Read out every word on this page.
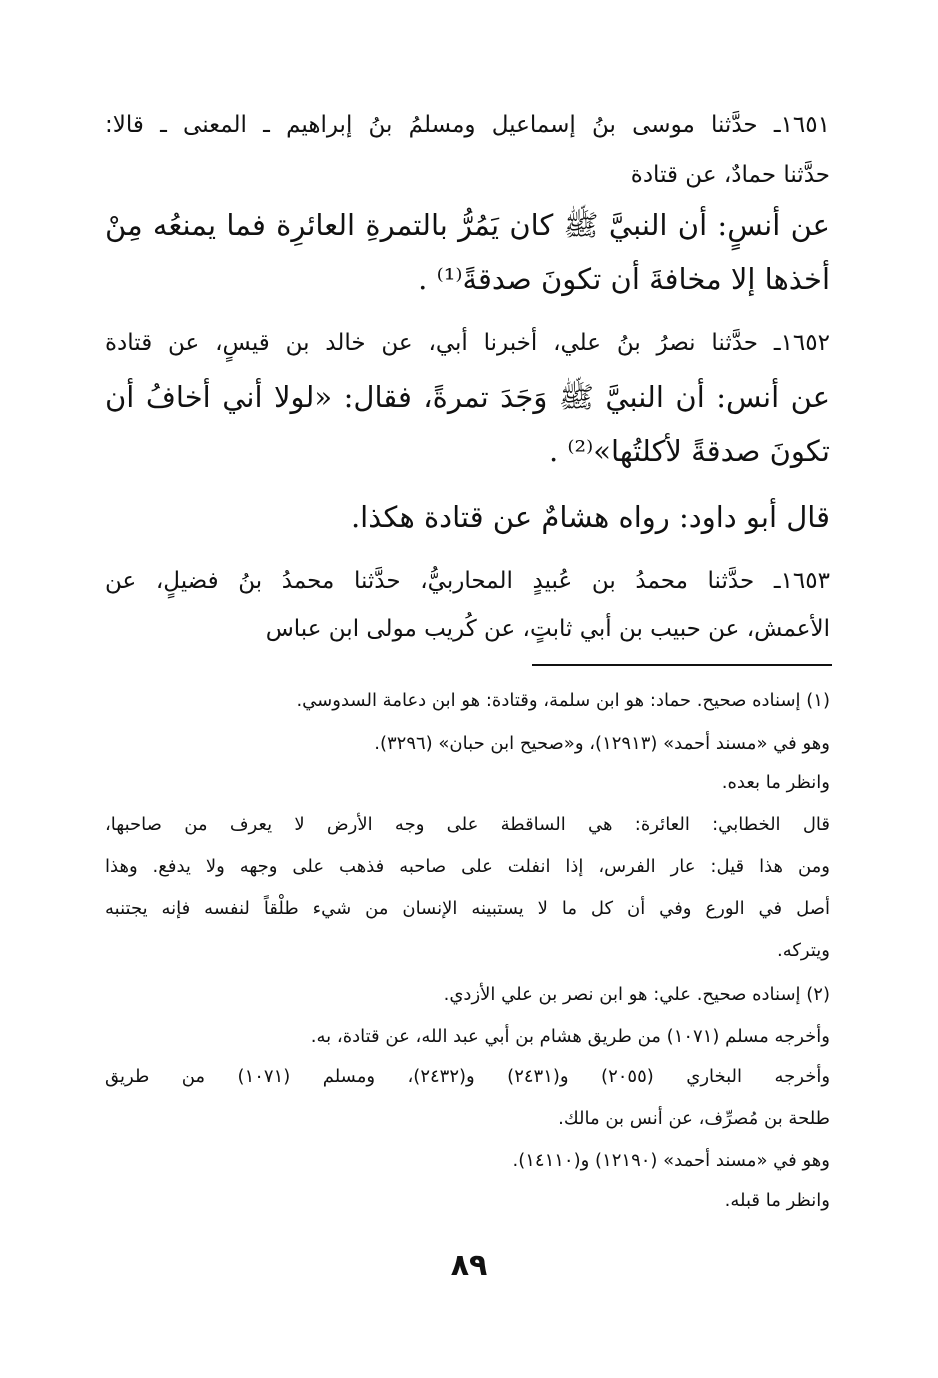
١٦٥١ـ حدَّثنا موسى بنُ إسماعيل ومسلمُ بنُ إبراهيم ـ المعنى ـ قالا:
حدَّثنا حمادٌ، عن قتادة
عن أنسٍ: أن النبيَّ ﷺ كان يَمُرُّ بالتمرةِ العائرِة فما يمنعُه مِنْ
أخذها إلا مخافةَ أن تكونَ صدقةً⁽¹⁾ .
١٦٥٢ـ حدَّثنا نصرُ بنُ علي، أخبرنا أبي، عن خالد بن قيسٍ، عن قتادة
عن أنس: أن النبيَّ ﷺ وَجَدَ تمرةً، فقال: «لولا أني أخافُ أن
تكونَ صدقةً لأكلتُها»⁽²⁾ .
قال أبو داود: رواه هشامٌ عن قتادة هكذا.
١٦٥٣ـ حدَّثنا محمدُ بن عُبيدٍ المحاربيُّ، حدَّثنا محمدُ بنُ فضيلٍ، عن
الأعمش، عن حبيب بن أبي ثابتٍ، عن كُريب مولى ابن عباس
(١) إسناده صحيح. حماد: هو ابن سلمة، وقتادة: هو ابن دعامة السدوسي.
وهو في «مسند أحمد» (١٢٩١٣)، و«صحيح ابن حبان» (٣٢٩٦).
وانظر ما بعده.
قال الخطابي: العائرة: هي الساقطة على وجه الأرض لا يعرف من صاحبها،
ومن هذا قيل: عار الفرس، إذا انفلت على صاحبه فذهب على وجهه ولا يدفع. وهذا
أصل في الورع وفي أن كل ما لا يستبينه الإنسان من شيء طلْقاً لنفسه فإنه يجتنبه
ويتركه.
(٢) إسناده صحيح. علي: هو ابن نصر بن علي الأزدي.
وأخرجه مسلم (١٠٧١) من طريق هشام بن أبي عبد الله، عن قتادة، به.
وأخرجه البخاري (٢٠٥٥) و(٢٤٣١) و(٢٤٣٢)، ومسلم (١٠٧١) من طريق
طلحة بن مُصرِّف، عن أنس بن مالك.
وهو في «مسند أحمد» (١٢١٩٠) و(١٤١١٠).
وانظر ما قبله.
٨٩
